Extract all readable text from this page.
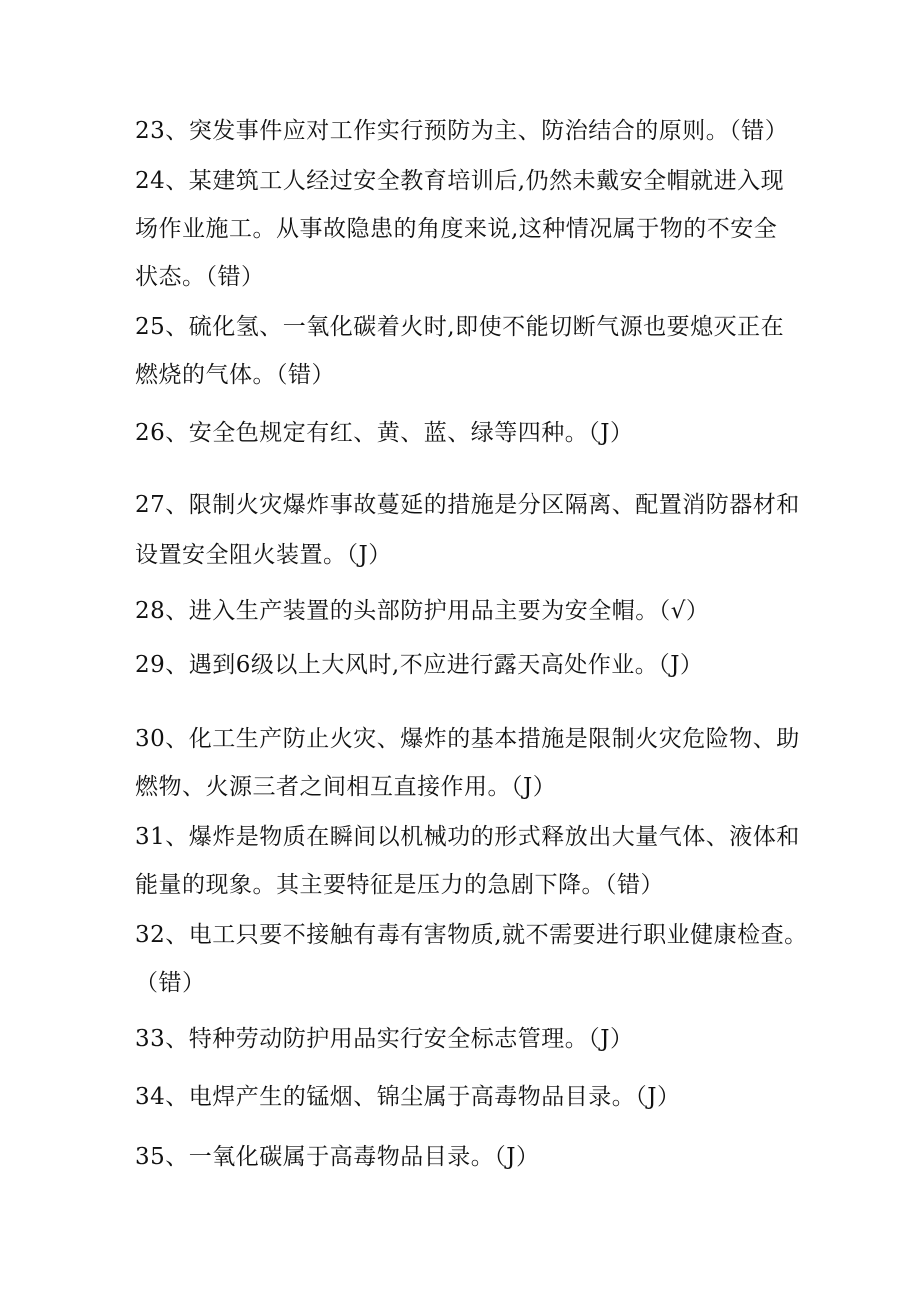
23、突发事件应对工作实行预防为主、防治结合的原则。（错）
24、某建筑工人经过安全教育培训后,仍然未戴安全帽就进入现
场作业施工。从事故隐患的角度来说,这种情况属于物的不安全
状态。（错）
25、硫化氢、一氧化碳着火时,即使不能切断气源也要熄灭正在
燃烧的气体。（错）
26、安全色规定有红、黄、蓝、绿等四种。（J）
27、限制火灾爆炸事故蔓延的措施是分区隔离、配置消防器材和
设置安全阻火装置。（J）
28、进入生产装置的头部防护用品主要为安全帽。（√）
29、遇到6级以上大风时,不应进行露天高处作业。（J）
30、化工生产防止火灾、爆炸的基本措施是限制火灾危险物、助
燃物、火源三者之间相互直接作用。（J）
31、爆炸是物质在瞬间以机械功的形式释放出大量气体、液体和
能量的现象。其主要特征是压力的急剧下降。（错）
32、电工只要不接触有毒有害物质,就不需要进行职业健康检查。
（错）
33、特种劳动防护用品实行安全标志管理。（J）
34、电焊产生的锰烟、锦尘属于高毒物品目录。（J）
35、一氧化碳属于高毒物品目录。（J）
